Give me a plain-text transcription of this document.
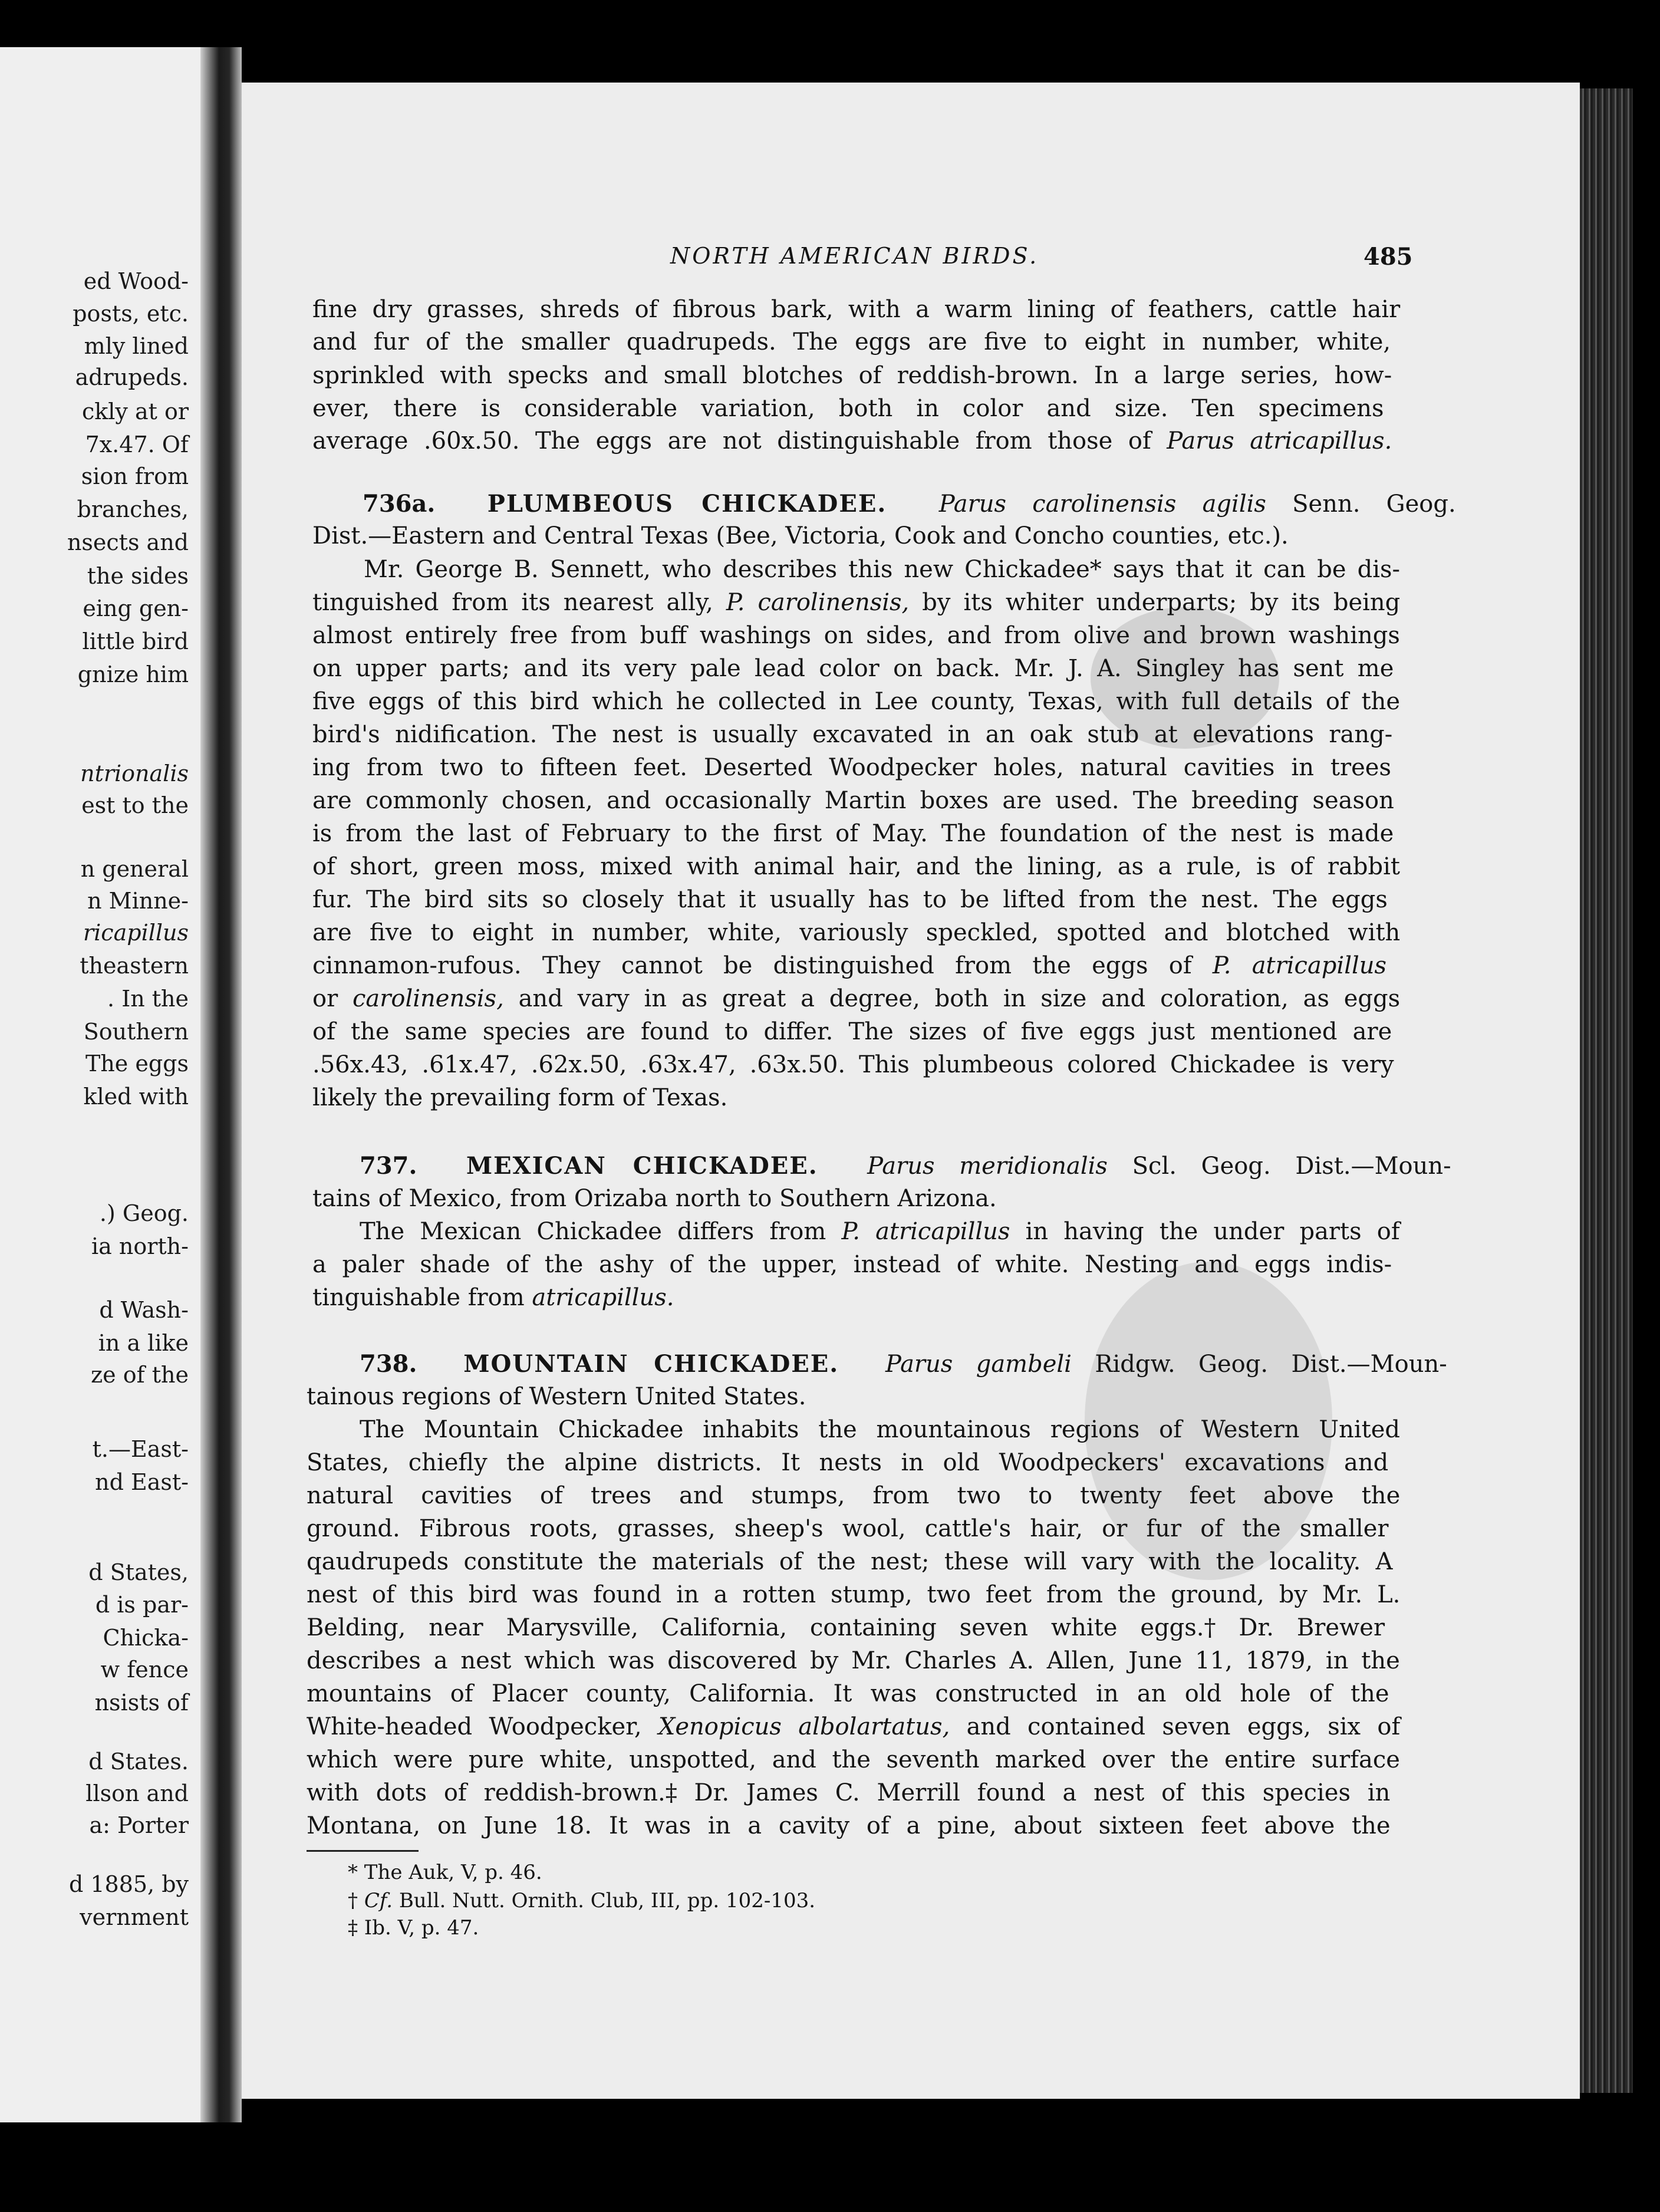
ed Wood-
posts, etc.
mly lined
adrupeds.
ckly at or
7x.47. Of
sion from
branches,
nsects and
the sides
eing gen-
little bird
gnize him
ntrionalis
est to the
n general
n Minne-
ricapillus
theastern
. In the
Southern
The eggs
kled with
.) Geog.
ia north-
d Wash-
in a like
ze of the
t.—East-
nd East-
d States,
d is par-
Chicka-
w fence
nsists of
d States.
llson and
a: Porter
d 1885, by
vernment
NORTH AMERICAN BIRDS.	485
fine dry grasses, shreds of fibrous bark, with a warm lining of feathers, cattle hair
and fur of the smaller quadrupeds. The eggs are five to eight in number, white,
sprinkled with specks and small blotches of reddish-brown. In a large series, how-
ever, there is considerable variation, both in color and size. Ten specimens
average .60x.50. The eggs are not distinguishable from those of Parus atricapillus.
736a. PLUMBEOUS CHICKADEE. Parus carolinensis agilis Senn. Geog.
Dist.—Eastern and Central Texas (Bee, Victoria, Cook and Concho counties, etc.).
Mr. George B. Sennett, who describes this new Chickadee* says that it can be dis-
tinguished from its nearest ally, P. carolinensis, by its whiter underparts; by its being
almost entirely free from buff washings on sides, and from olive and brown washings
on upper parts; and its very pale lead color on back. Mr. J. A. Singley has sent me
five eggs of this bird which he collected in Lee county, Texas, with full details of the
bird's nidification. The nest is usually excavated in an oak stub at elevations rang-
ing from two to fifteen feet. Deserted Woodpecker holes, natural cavities in trees
are commonly chosen, and occasionally Martin boxes are used. The breeding season
is from the last of February to the first of May. The foundation of the nest is made
of short, green moss, mixed with animal hair, and the lining, as a rule, is of rabbit
fur. The bird sits so closely that it usually has to be lifted from the nest. The eggs
are five to eight in number, white, variously speckled, spotted and blotched with
cinnamon-rufous. They cannot be distinguished from the eggs of P. atricapillus
or carolinensis, and vary in as great a degree, both in size and coloration, as eggs
of the same species are found to differ. The sizes of five eggs just mentioned are
.56x.43, .61x.47, .62x.50, .63x.47, .63x.50. This plumbeous colored Chickadee is very
likely the prevailing form of Texas.
737. MEXICAN CHICKADEE. Parus meridionalis Scl. Geog. Dist.—Moun-
tains of Mexico, from Orizaba north to Southern Arizona.
The Mexican Chickadee differs from P. atricapillus in having the under parts of
a paler shade of the ashy of the upper, instead of white. Nesting and eggs indis-
tinguishable from atricapillus.
738. MOUNTAIN CHICKADEE. Parus gambeli Ridgw. Geog. Dist.—Moun-
tainous regions of Western United States.
The Mountain Chickadee inhabits the mountainous regions of Western United
States, chiefly the alpine districts. It nests in old Woodpeckers' excavations and
natural cavities of trees and stumps, from two to twenty feet above the
ground. Fibrous roots, grasses, sheep's wool, cattle's hair, or fur of the smaller
qaudrupeds constitute the materials of the nest; these will vary with the locality. A
nest of this bird was found in a rotten stump, two feet from the ground, by Mr. L.
Belding, near Marysville, California, containing seven white eggs.† Dr. Brewer
describes a nest which was discovered by Mr. Charles A. Allen, June 11, 1879, in the
mountains of Placer county, California. It was constructed in an old hole of the
White-headed Woodpecker, Xenopicus albolartatus, and contained seven eggs, six of
which were pure white, unspotted, and the seventh marked over the entire surface
with dots of reddish-brown.‡ Dr. James C. Merrill found a nest of this species in
Montana, on June 18. It was in a cavity of a pine, about sixteen feet above the
* The Auk, V, p. 46.
† Cf. Bull. Nutt. Ornith. Club, III, pp. 102-103.
‡ Ib. V, p. 47.
